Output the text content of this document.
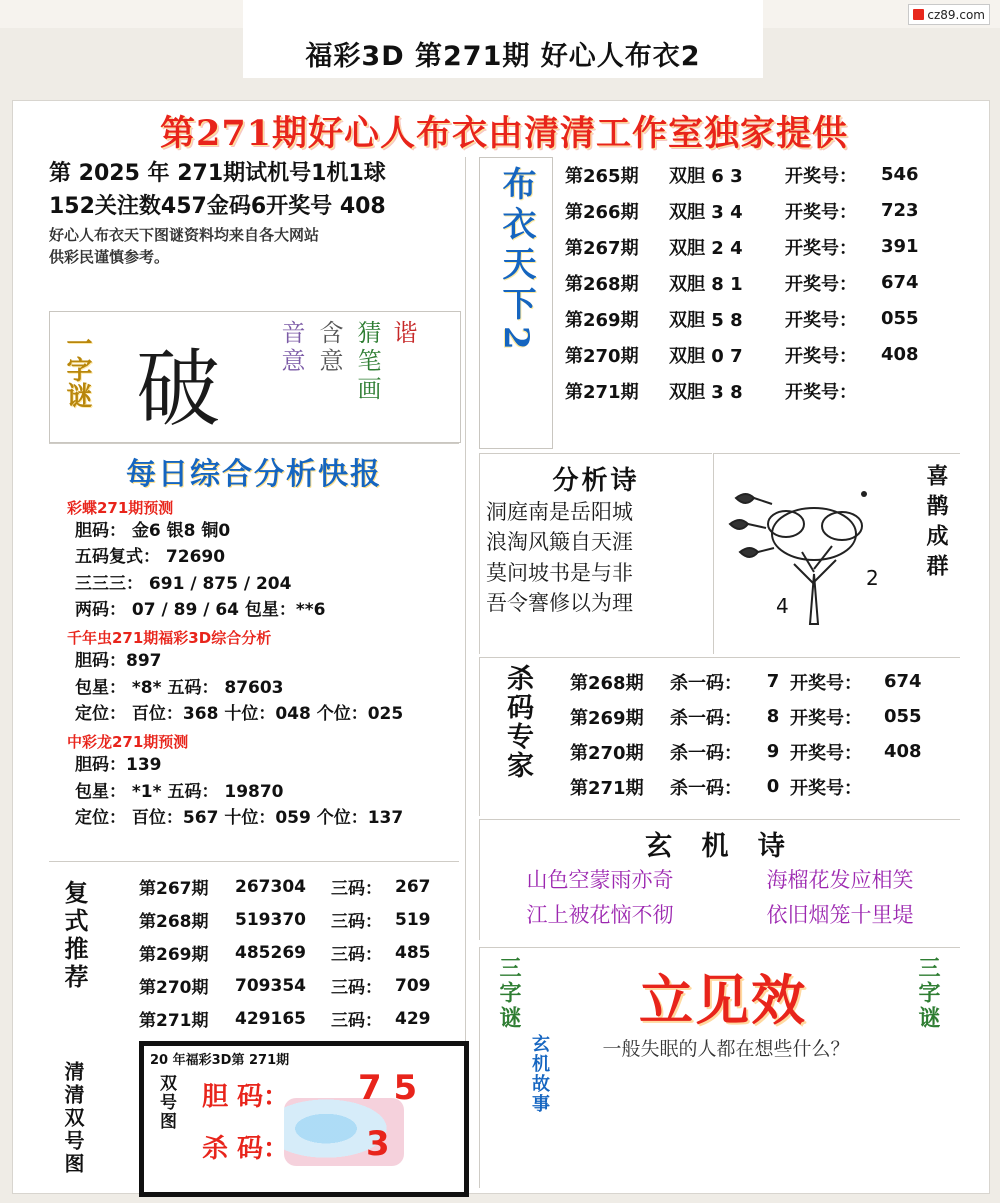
cz89.com
福彩3D 第271期 好心人布衣2
第271期好心人布衣由清清工作室独家提供
第 2025 年 271期试机号1机1球
152关注数457金码6开奖号 408
好心人布衣天下图谜资料均来自各大网站
供彩民谨慎参考。
一字谜 破
谐
猜笔画
含意
音意	布衣天下2 第265期	双胆 6 3	开奖号：	546
第266期	双胆 3 4	开奖号：	723
第267期	双胆 2 4	开奖号：	391
第268期	双胆 8 1	开奖号：	674
第269期	双胆 5 8	开奖号：	055
第270期	双胆 0 7	开奖号：	408
第271期	双胆 3 8	开奖号：
每日综合分析快报
彩蝶271期预测
胆码： 金6 银8 铜0
五码复式： 72690
三三三： 691 / 875 / 204
两码： 07 / 89 / 64 包星：**6
千年虫271期福彩3D综合分析
胆码：897
包星： *8* 五码： 87603
定位： 百位：368 十位：048 个位：025
中彩龙271期预测
胆码：139
包星： *1* 五码： 19870
定位： 百位：567 十位：059 个位：137
复式推荐	第267期	267304	三码： 267
第268期	519370	三码： 519
第269期	485269	三码： 485
第270期	709354	三码： 709
第271期	429165	三码： 429
清清双号图
20 年福彩3D第 271期
双号图 胆 码： 7 5
杀 码： 3
分析诗
洞庭南是岳阳城
浪淘风簸自天涯
莫问坡书是与非
吾令謇修以为理
喜鹊成群
4
2
杀码专家 第268期	杀一码：	7 开奖号：	674
第269期	杀一码：	8 开奖号：	055
第270期	杀一码：	9 开奖号：	408
第271期	杀一码：	0 开奖号：
玄 机 诗
山色空蒙雨亦奇	海榴花发应相笑
江上被花恼不彻	依旧烟笼十里堤
三字谜
玄机故事
三字谜
立见效
一般失眠的人都在想些什么？
